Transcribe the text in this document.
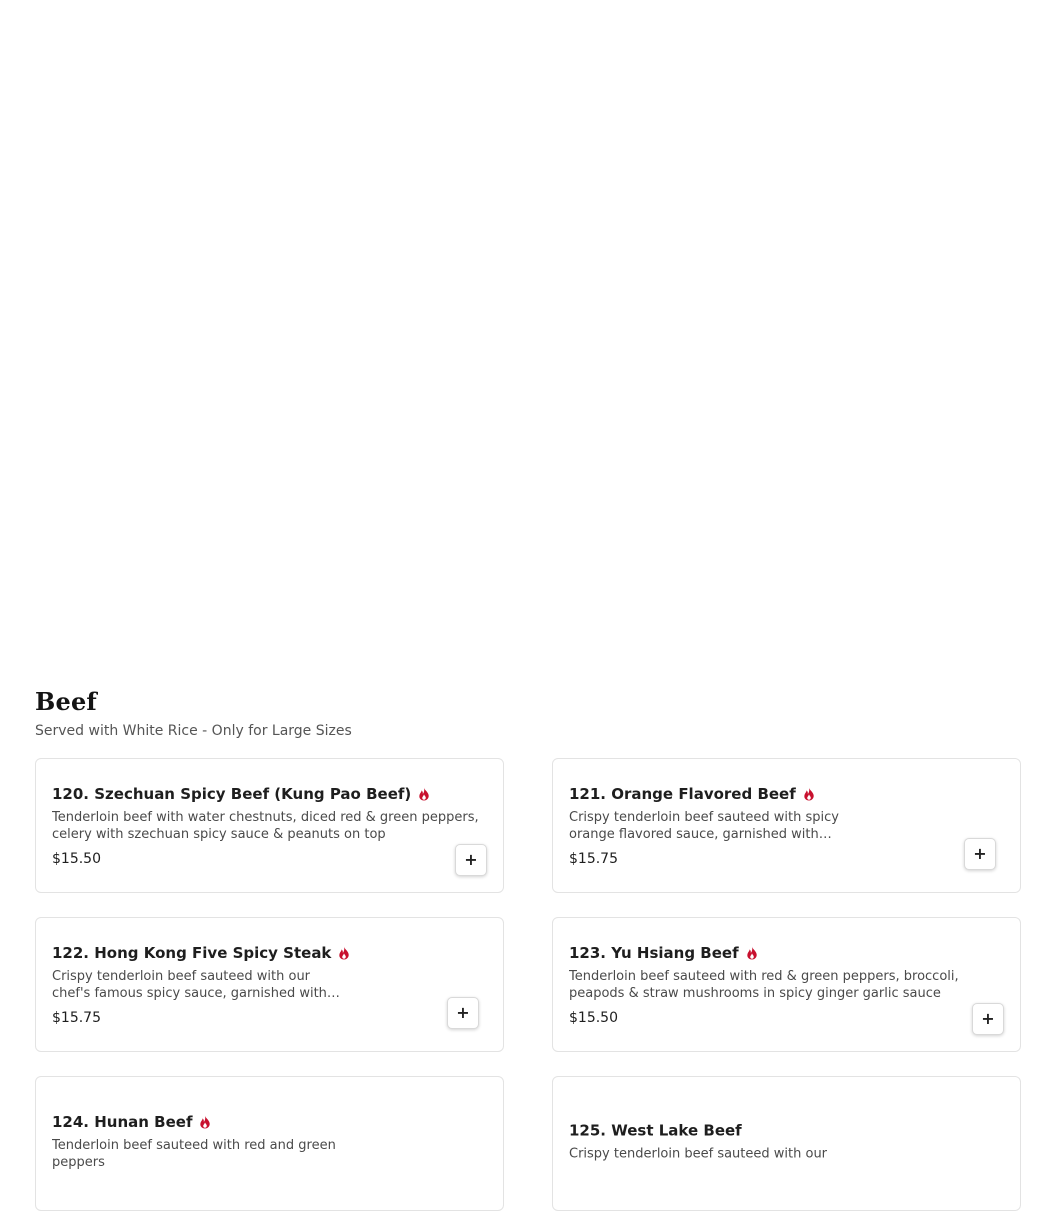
Beef
Served with White Rice - Only for Large Sizes
120. Szechuan Spicy Beef (Kung Pao Beef)
Tenderloin beef with water chestnuts, diced red & green peppers, celery with szechuan spicy sauce & peanuts on top
$15.50	+
121. Orange Flavored Beef
Crispy tenderloin beef sauteed with spicy orange flavored sauce, garnished with
$15.75	+
122. Hong Kong Five Spicy Steak
Crispy tenderloin beef sauteed with our chef's famous spicy sauce, garnished with
$15.75	+
123. Yu Hsiang Beef
Tenderloin beef sauteed with red & green peppers, broccoli, peapods & straw mushrooms in spicy ginger garlic sauce
$15.50	+
124. Hunan Beef
Tenderloin beef sauteed with red and green peppers
125. West Lake Beef
Crispy tenderloin beef sauteed with our
